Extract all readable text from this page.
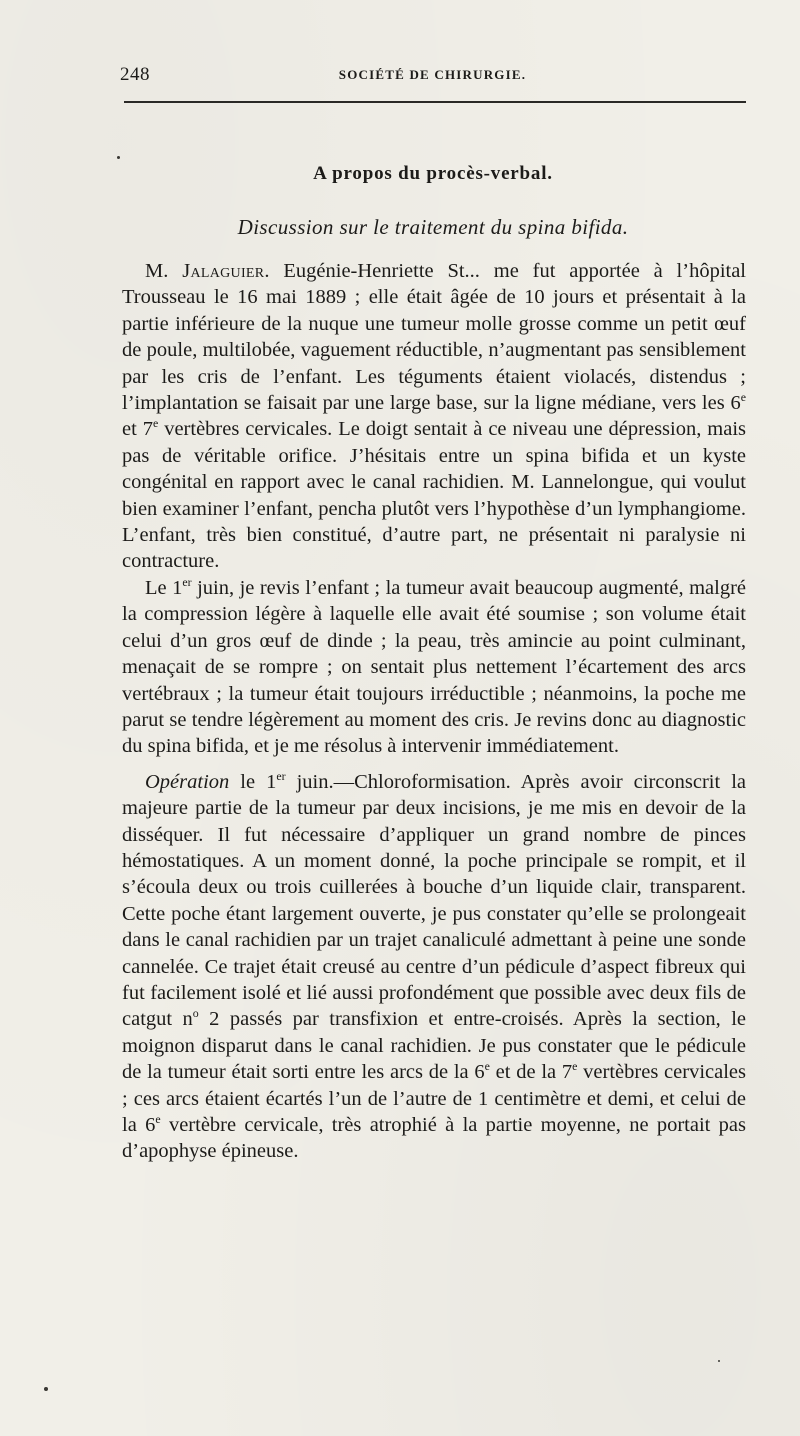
248	SOCIÉTÉ DE CHIRURGIE.
A propos du procès-verbal.
Discussion sur le traitement du spina bifida.

M. Jalaguier. Eugénie-Henriette St... me fut apportée à l’hôpital Trousseau le 16 mai 1889 ; elle était âgée de 10 jours et présentait à la partie inférieure de la nuque une tumeur molle grosse comme un petit œuf de poule, multilobée, vaguement réductible, n’augmentant pas sensiblement par les cris de l’enfant. Les téguments étaient violacés, distendus ; l’implantation se faisait par une large base, sur la ligne médiane, vers les 6e et 7e vertèbres cervicales. Le doigt sentait à ce niveau une dépression, mais pas de véritable orifice. J’hésitais entre un spina bifida et un kyste congénital en rapport avec le canal rachidien. M. Lannelongue, qui voulut bien examiner l’enfant, pencha plutôt vers l’hypothèse d’un lymphangiome. L’enfant, très bien constitué, d’autre part, ne présentait ni paralysie ni contracture.

Le 1er juin, je revis l’enfant ; la tumeur avait beaucoup augmenté, malgré la compression légère à laquelle elle avait été soumise ; son volume était celui d’un gros œuf de dinde ; la peau, très amincie au point culminant, menaçait de se rompre ; on sentait plus nettement l’écartement des arcs vertébraux ; la tumeur était toujours irréductible ; néanmoins, la poche me parut se tendre légèrement au moment des cris. Je revins donc au diagnostic du spina bifida, et je me résolus à intervenir immédiatement.

Opération le 1er juin.—Chloroformisation. Après avoir circonscrit la majeure partie de la tumeur par deux incisions, je me mis en devoir de la disséquer. Il fut nécessaire d’appliquer un grand nombre de pinces hémostatiques. A un moment donné, la poche principale se rompit, et il s’écoula deux ou trois cuillerées à bouche d’un liquide clair, transparent. Cette poche étant largement ouverte, je pus constater qu’elle se prolongeait dans le canal rachidien par un trajet canaliculé admettant à peine une sonde cannelée. Ce trajet était creusé au centre d’un pédicule d’aspect fibreux qui fut facilement isolé et lié aussi profondément que possible avec deux fils de catgut $n^o$ 2 passés par transfixion et entre-croisés. Après la section, le moignon disparut dans le canal rachidien. Je pus constater que le pédicule de la tumeur était sorti entre les arcs de la 6e et de la 7e vertèbres cervicales ; ces arcs étaient écartés l’un de l’autre de 1 centimètre et demi, et celui de la 6e vertèbre cervicale, très atrophié à la partie moyenne, ne portait pas d’apophyse épineuse.
